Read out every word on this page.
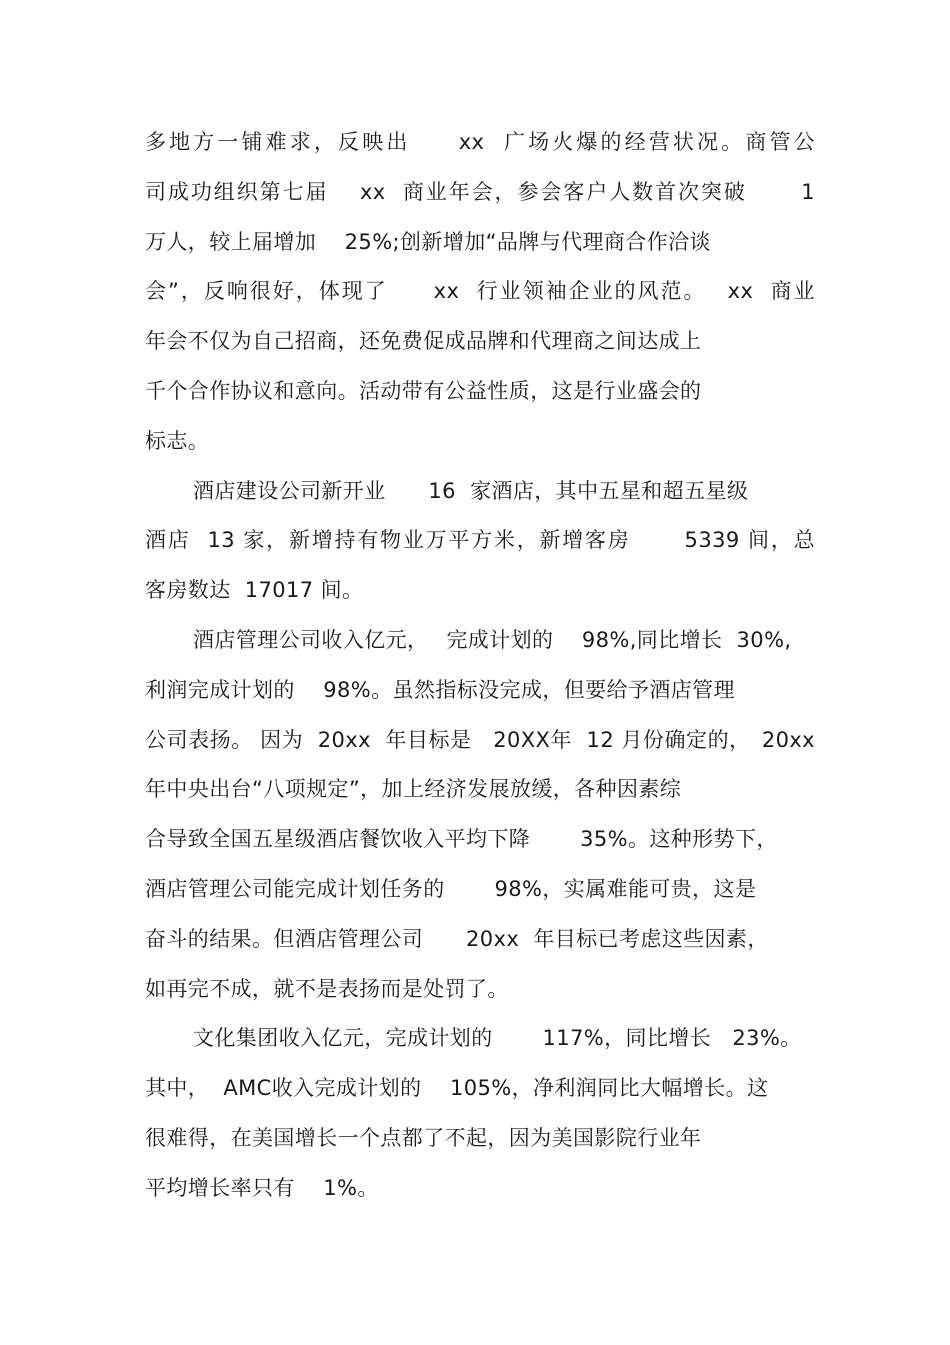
多地方一铺难求，反映出　　xx  广场火爆的经营状况。商管公
司成功组织第七届　 xx  商业年会，参会客户人数首次突破　　 1
万人，较上届增加　 25%;创新增加“品牌与代理商合作洽谈
会”，反响很好，体现了　　xx  行业领袖企业的风范。　 xx  商业
年会不仅为自己招商，还免费促成品牌和代理商之间达成上
千个合作协议和意向。活动带有公益性质，这是行业盛会的
标志。
酒店建设公司新开业　　16  家酒店，其中五星和超五星级
酒店  13 家，新增持有物业万平方米，新增客房　　 5339 间，总
客房数达  17017 间。
酒店管理公司收入亿元，　 完成计划的　 98%,同比增长  30%,
利润完成计划的　 98%。虽然指标没完成，但要给予酒店管理
公司表扬。 因为  20xx  年目标是　20XX年  12 月份确定的，　20xx
年中央出台“八项规定”，加上经济发展放缓，各种因素综
合导致全国五星级酒店餐饮收入平均下降　　 35%。这种形势下，
酒店管理公司能完成计划任务的　　 98%，实属难能可贵，这是
奋斗的结果。但酒店管理公司　　20xx  年目标已考虑这些因素，
如再完不成，就不是表扬而是处罚了。
文化集团收入亿元，完成计划的　　 117%，同比增长   23%。
其中，  AMC收入完成计划的　 105%，净利润同比大幅增长。这
很难得，在美国增长一个点都了不起，因为美国影院行业年
平均增长率只有　 1%。
